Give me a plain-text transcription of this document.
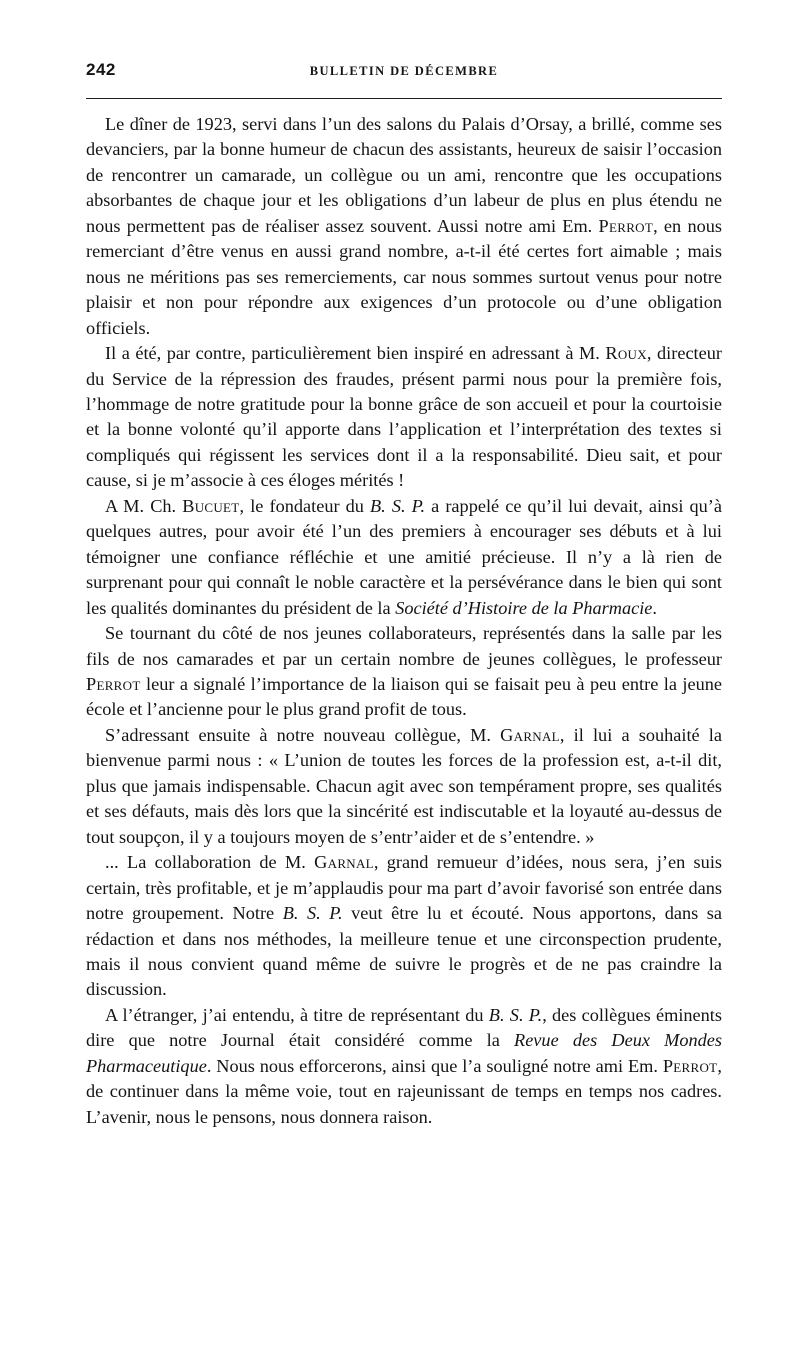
242	BULLETIN DE DÉCEMBRE

Le dîner de 1923, servi dans l’un des salons du Palais d’Orsay, a brillé, comme ses devanciers, par la bonne humeur de chacun des assistants, heureux de saisir l’occasion de rencontrer un camarade, un collègue ou un ami, rencontre que les occupations absorbantes de chaque jour et les obligations d’un labeur de plus en plus étendu ne nous permettent pas de réaliser assez souvent. Aussi notre ami Em. Perrot, en nous remerciant d’être venus en aussi grand nombre, a-t-il été certes fort aimable ; mais nous ne méritions pas ses remerciements, car nous sommes surtout venus pour notre plaisir et non pour répondre aux exigences d’un protocole ou d’une obligation officiels.

Il a été, par contre, particulièrement bien inspiré en adressant à M. Roux, directeur du Service de la répression des fraudes, présent parmi nous pour la première fois, l’hommage de notre gratitude pour la bonne grâce de son accueil et pour la courtoisie et la bonne volonté qu’il apporte dans l’application et l’interprétation des textes si compliqués qui régissent les services dont il a la responsabilité. Dieu sait, et pour cause, si je m’associe à ces éloges mérités !

A M. Ch. Bucuet, le fondateur du B. S. P. a rappelé ce qu’il lui devait, ainsi qu’à quelques autres, pour avoir été l’un des premiers à encourager ses débuts et à lui témoigner une confiance réfléchie et une amitié précieuse. Il n’y a là rien de surprenant pour qui connaît le noble caractère et la persévérance dans le bien qui sont les qualités dominantes du président de la Société d’Histoire de la Pharmacie.

Se tournant du côté de nos jeunes collaborateurs, représentés dans la salle par les fils de nos camarades et par un certain nombre de jeunes collègues, le professeur Perrot leur a signalé l’importance de la liaison qui se faisait peu à peu entre la jeune école et l’ancienne pour le plus grand profit de tous.

S’adressant ensuite à notre nouveau collègue, M. Garnal, il lui a souhaité la bienvenue parmi nous : « L’union de toutes les forces de la profession est, a-t-il dit, plus que jamais indispensable. Chacun agit avec son tempérament propre, ses qualités et ses défauts, mais dès lors que la sincérité est indiscutable et la loyauté au-dessus de tout soupçon, il y a toujours moyen de s’entr’aider et de s’entendre. »

... La collaboration de M. Garnal, grand remueur d’idées, nous sera, j’en suis certain, très profitable, et je m’applaudis pour ma part d’avoir favorisé son entrée dans notre groupement. Notre B. S. P. veut être lu et écouté. Nous apportons, dans sa rédaction et dans nos méthodes, la meilleure tenue et une circonspection prudente, mais il nous convient quand même de suivre le progrès et de ne pas craindre la discussion.

A l’étranger, j’ai entendu, à titre de représentant du B. S. P., des collègues éminents dire que notre Journal était considéré comme la Revue des Deux Mondes Pharmaceutique. Nous nous efforcerons, ainsi que l’a souligné notre ami Em. Perrot, de continuer dans la même voie, tout en rajeunissant de temps en temps nos cadres. L’avenir, nous le pensons, nous donnera raison.
